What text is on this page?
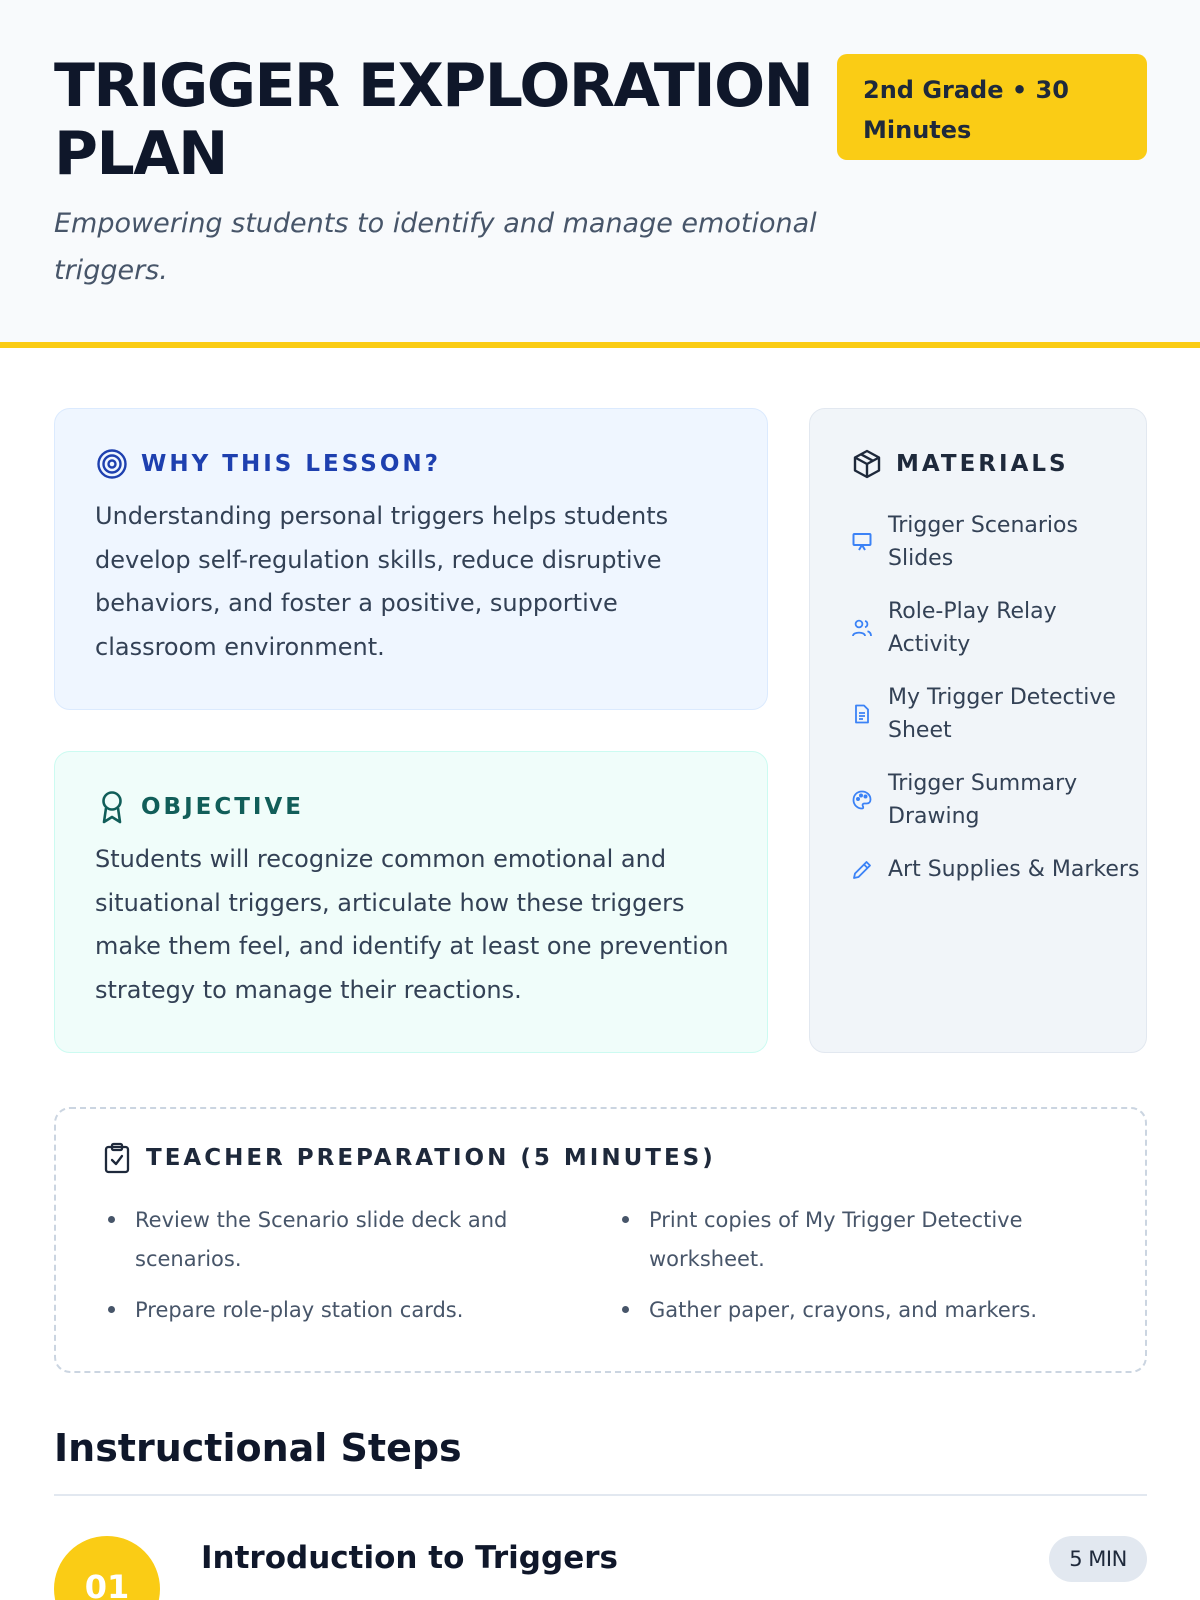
TRIGGER EXPLORATION PLAN

Empowering students to identify and manage emotional triggers.

2nd Grade • 30 Minutes
WHY THIS LESSON?

Understanding personal triggers helps students develop self-regulation skills, reduce disruptive behaviors, and foster a positive, supportive classroom environment.

OBJECTIVE

Students will recognize common emotional and situational triggers, articulate how these triggers make them feel, and identify at least one prevention strategy to manage their reactions.

MATERIALS
Trigger Scenarios Slides
Role-Play Relay Activity
My Trigger Detective Sheet
Trigger Summary Drawing
Art Supplies & Markers
TEACHER PREPARATION (5 MINUTES)
Review the Scenario slide deck and scenarios.
Print copies of My Trigger Detective worksheet.
Prepare role-play station cards.	Gather paper, crayons, and markers.
Instructional Steps
01
Introduction to Triggers	5 MIN
